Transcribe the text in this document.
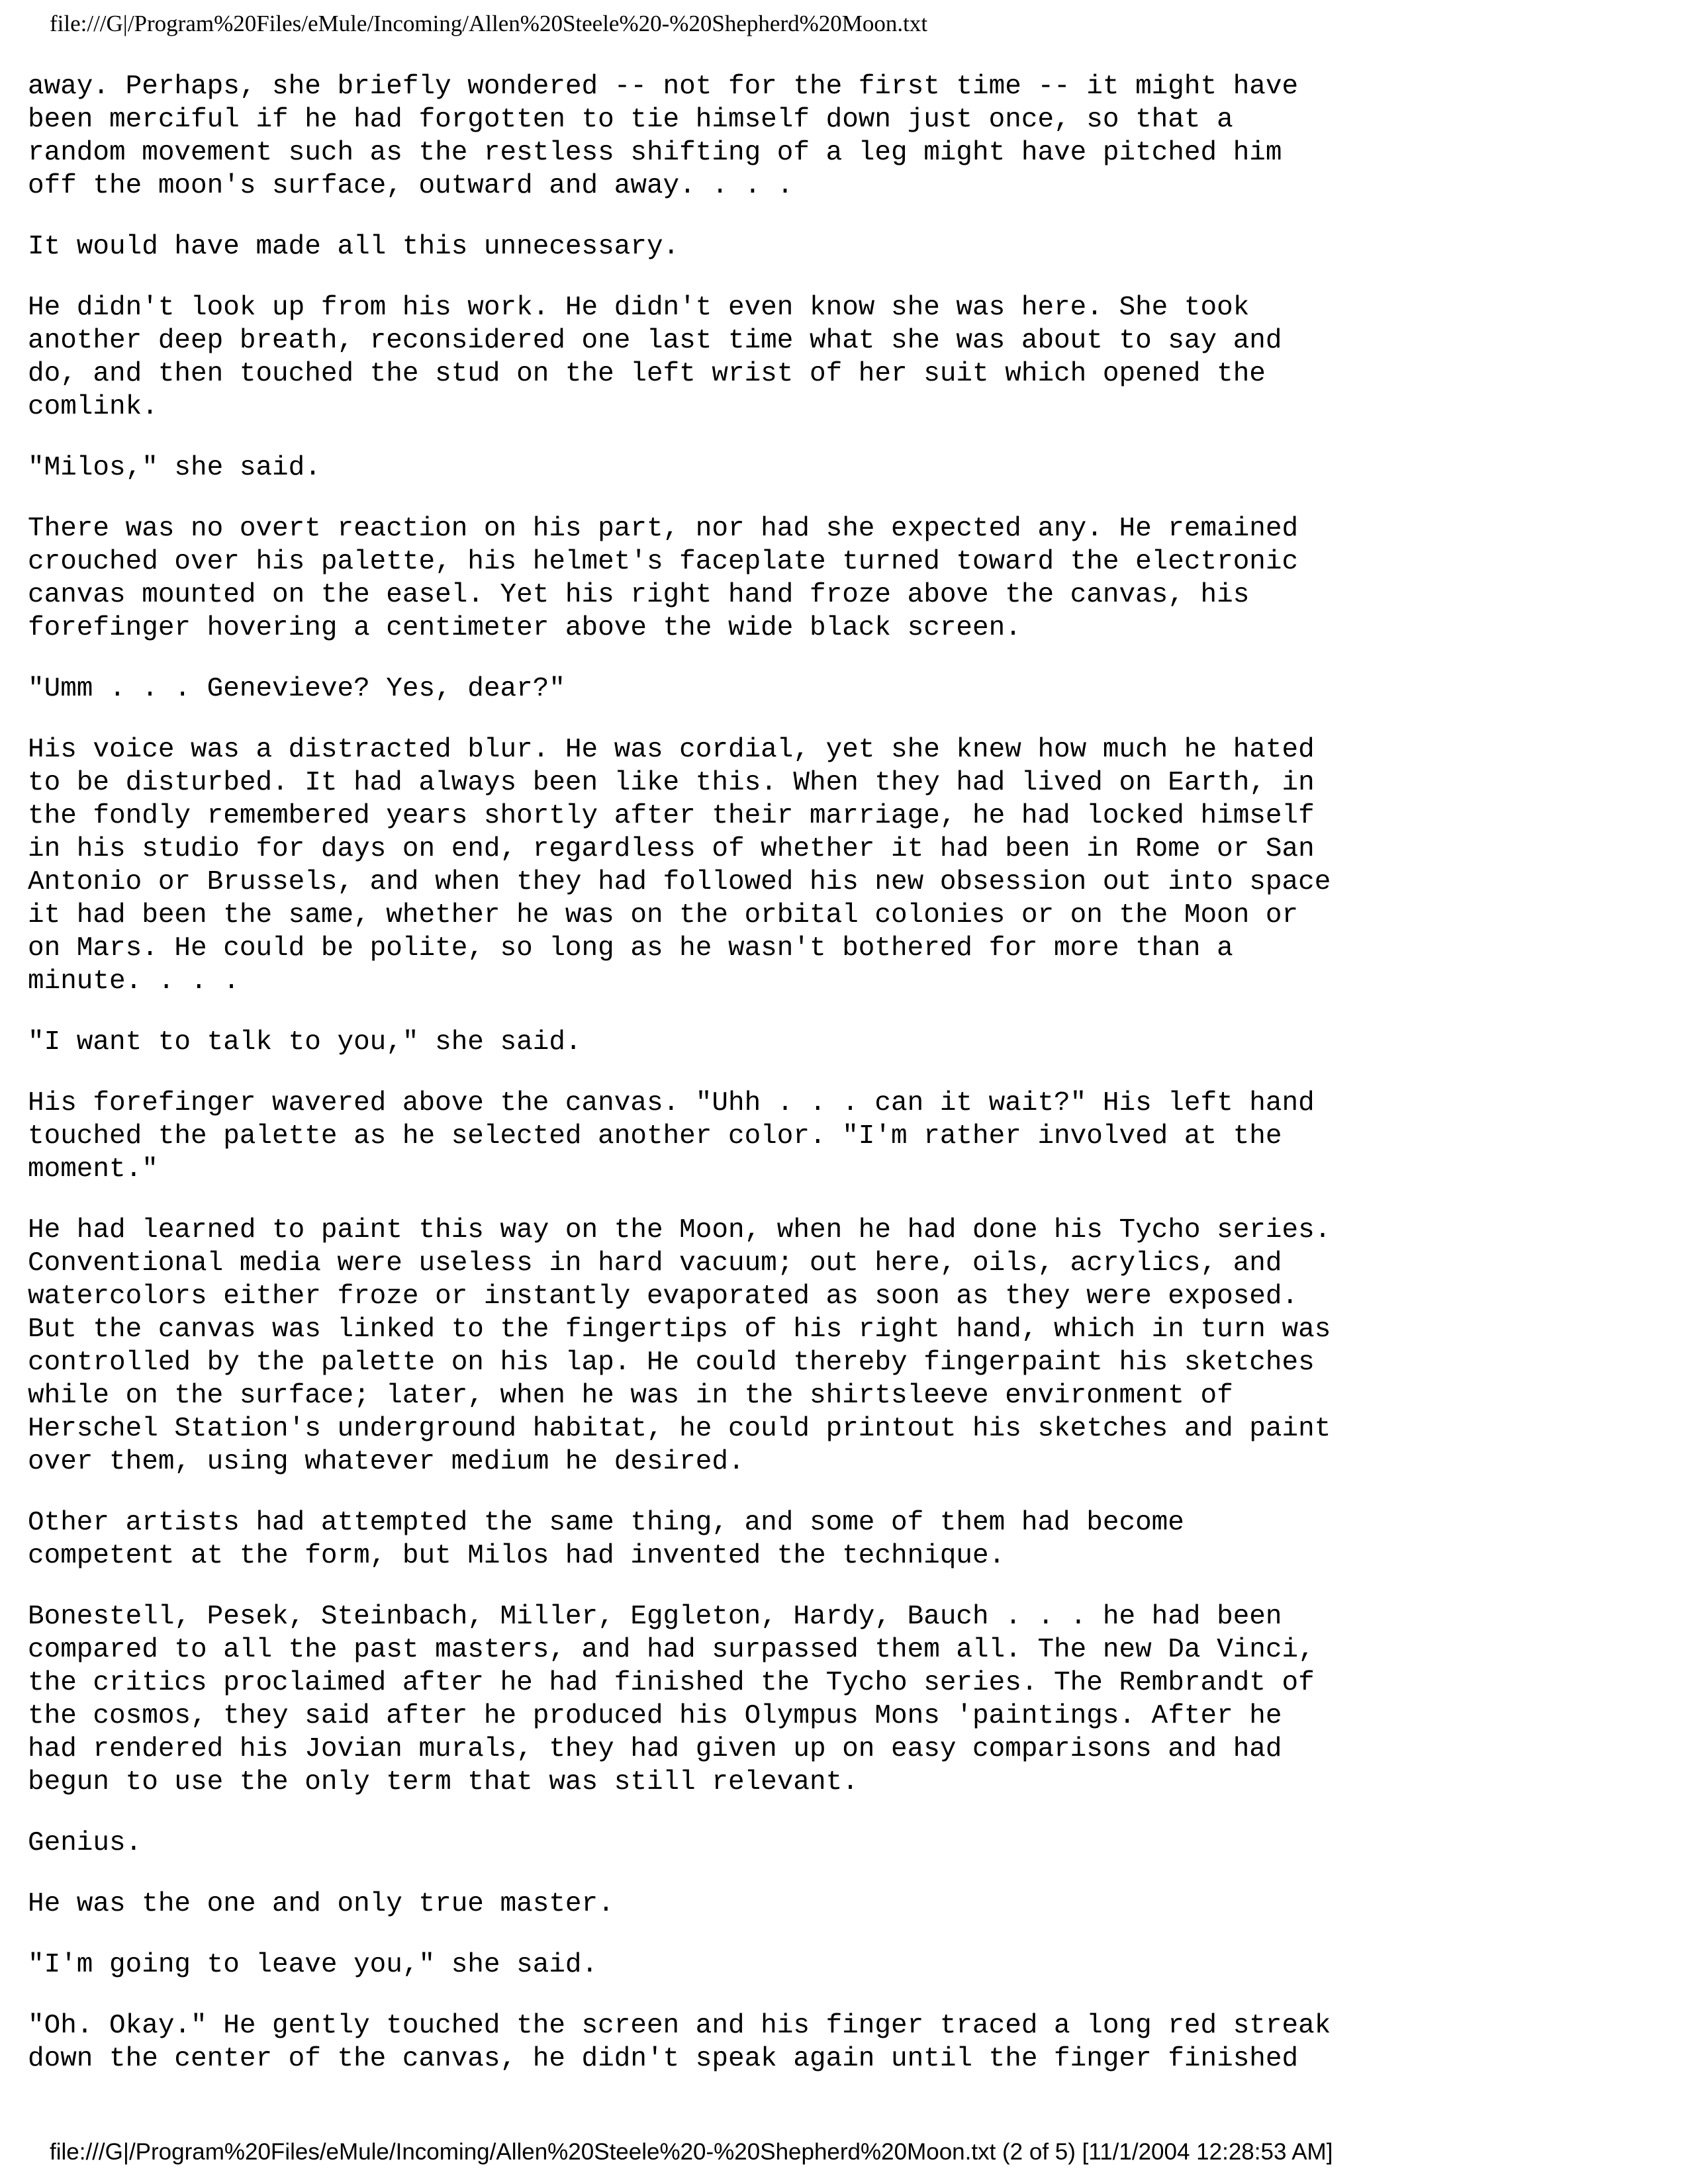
file:///G|/Program%20Files/eMule/Incoming/Allen%20Steele%20-%20Shepherd%20Moon.txt

away. Perhaps, she briefly wondered -- not for the first time -- it might have
been merciful if he had forgotten to tie himself down just once, so that a
random movement such as the restless shifting of a leg might have pitched him
off the moon's surface, outward and away. . . .

It would have made all this unnecessary.

He didn't look up from his work. He didn't even know she was here. She took
another deep breath, reconsidered one last time what she was about to say and
do, and then touched the stud on the left wrist of her suit which opened the
comlink.

"Milos," she said.

There was no overt reaction on his part, nor had she expected any. He remained
crouched over his palette, his helmet's faceplate turned toward the electronic
canvas mounted on the easel. Yet his right hand froze above the canvas, his
forefinger hovering a centimeter above the wide black screen.

"Umm . . . Genevieve? Yes, dear?"

His voice was a distracted blur. He was cordial, yet she knew how much he hated
to be disturbed. It had always been like this. When they had lived on Earth, in
the fondly remembered years shortly after their marriage, he had locked himself
in his studio for days on end, regardless of whether it had been in Rome or San
Antonio or Brussels, and when they had followed his new obsession out into space
it had been the same, whether he was on the orbital colonies or on the Moon or
on Mars. He could be polite, so long as he wasn't bothered for more than a
minute. . . .

"I want to talk to you," she said.

His forefinger wavered above the canvas. "Uhh . . . can it wait?" His left hand
touched the palette as he selected another color. "I'm rather involved at the
moment."

He had learned to paint this way on the Moon, when he had done his Tycho series.
Conventional media were useless in hard vacuum; out here, oils, acrylics, and
watercolors either froze or instantly evaporated as soon as they were exposed.
But the canvas was linked to the fingertips of his right hand, which in turn was
controlled by the palette on his lap. He could thereby fingerpaint his sketches
while on the surface; later, when he was in the shirtsleeve environment of
Herschel Station's underground habitat, he could printout his sketches and paint
over them, using whatever medium he desired.

Other artists had attempted the same thing, and some of them had become
competent at the form, but Milos had invented the technique.

Bonestell, Pesek, Steinbach, Miller, Eggleton, Hardy, Bauch . . . he had been
compared to all the past masters, and had surpassed them all. The new Da Vinci,
the critics proclaimed after he had finished the Tycho series. The Rembrandt of
the cosmos, they said after he produced his Olympus Mons 'paintings. After he
had rendered his Jovian murals, they had given up on easy comparisons and had
begun to use the only term that was still relevant.

Genius.

He was the one and only true master.

"I'm going to leave you," she said.

"Oh. Okay." He gently touched the screen and his finger traced a long red streak
down the center of the canvas, he didn't speak again until the finger finished

file:///G|/Program%20Files/eMule/Incoming/Allen%20Steele%20-%20Shepherd%20Moon.txt (2 of 5) [11/1/2004 12:28:53 AM]
